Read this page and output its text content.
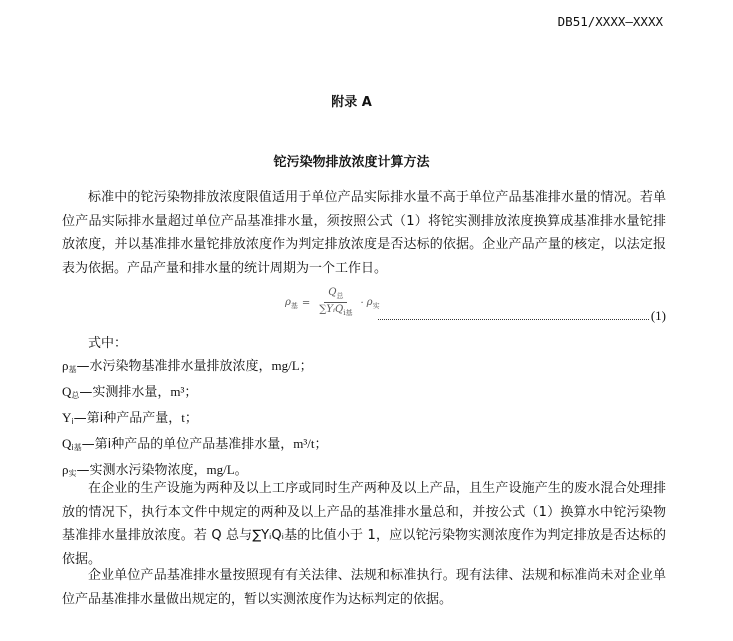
DB51/XXXX—XXXX
附录 A
铊污染物排放浓度计算方法

标准中的铊污染物排放浓度限值适用于单位产品实际排水量不高于单位产品基准排水量的情况。若单位产品实际排水量超过单位产品基准排水量，须按照公式（1）将铊实测排放浓度换算成基准排水量铊排放浓度，并以基准排水量铊排放浓度作为判定排放浓度是否达标的依据。企业产品产量的核定，以法定报表为依据。产品产量和排水量的统计周期为一个工作日。

$\rho_基 = \frac{Q_总}{\sum YᵢQ_{i基}} \cdot \rho_实$
(1)
式中：
ρ基—水污染物基准排水量排放浓度，mg/L；
Q总—实测排水量，m³；
Yi—第i种产品产量，t；
Qi基—第i种产品的单位产品基准排水量，m³/t；
ρ实—实测水污染物浓度，mg/L。

在企业的生产设施为两种及以上工序或同时生产两种及以上产品，且生产设施产生的废水混合处理排放的情况下，执行本文件中规定的两种及以上产品的基准排水量总和，并按公式（1）换算水中铊污染物基准排水量排放浓度。若 Q 总与∑YᵢQᵢ基的比值小于 1，应以铊污染物实测浓度作为判定排放是否达标的依据。

企业单位产品基准排水量按照现有有关法律、法规和标准执行。现有法律、法规和标准尚未对企业单位产品基准排水量做出规定的，暂以实测浓度作为达标判定的依据。
